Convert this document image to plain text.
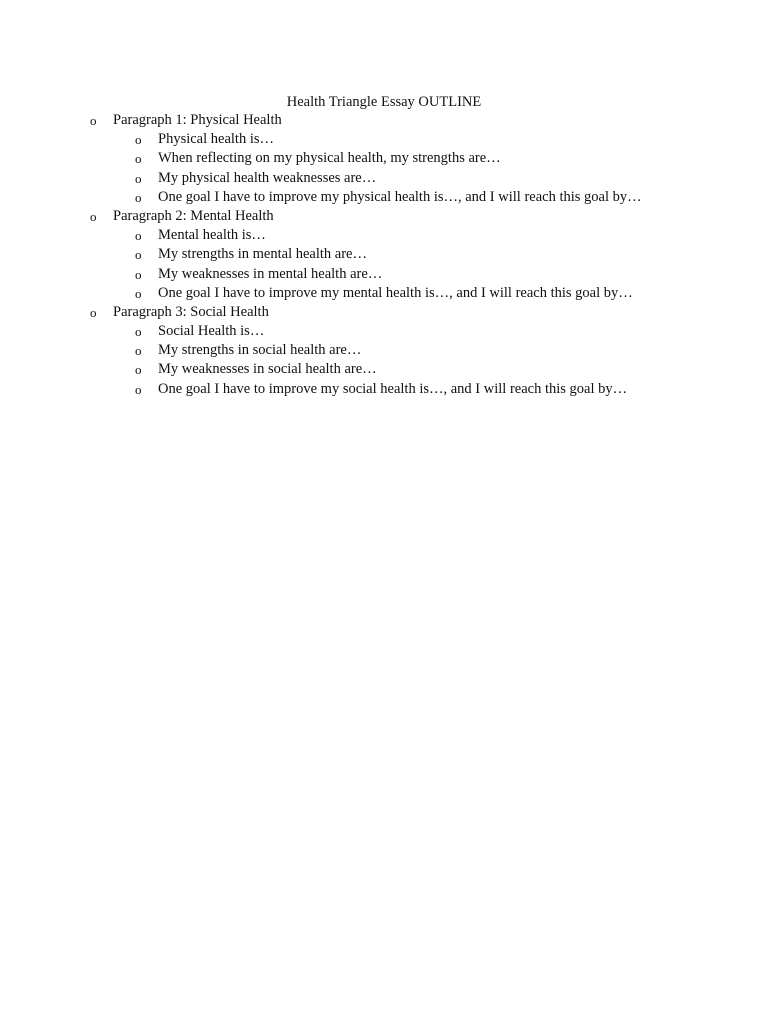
Health Triangle Essay OUTLINE
o Paragraph 1: Physical Health
o Physical health is…
o When reflecting on my physical health, my strengths are…
o My physical health weaknesses are…
o One goal I have to improve my physical health is…, and I will reach this goal by…
o Paragraph 2: Mental Health
o Mental health is…
o My strengths in mental health are…
o My weaknesses in mental health are…
o One goal I have to improve my mental health is…, and I will reach this goal by…
o Paragraph 3: Social Health
o Social Health is…
o My strengths in social health are…
o My weaknesses in social health are…
o One goal I have to improve my social health is…, and I will reach this goal by…
